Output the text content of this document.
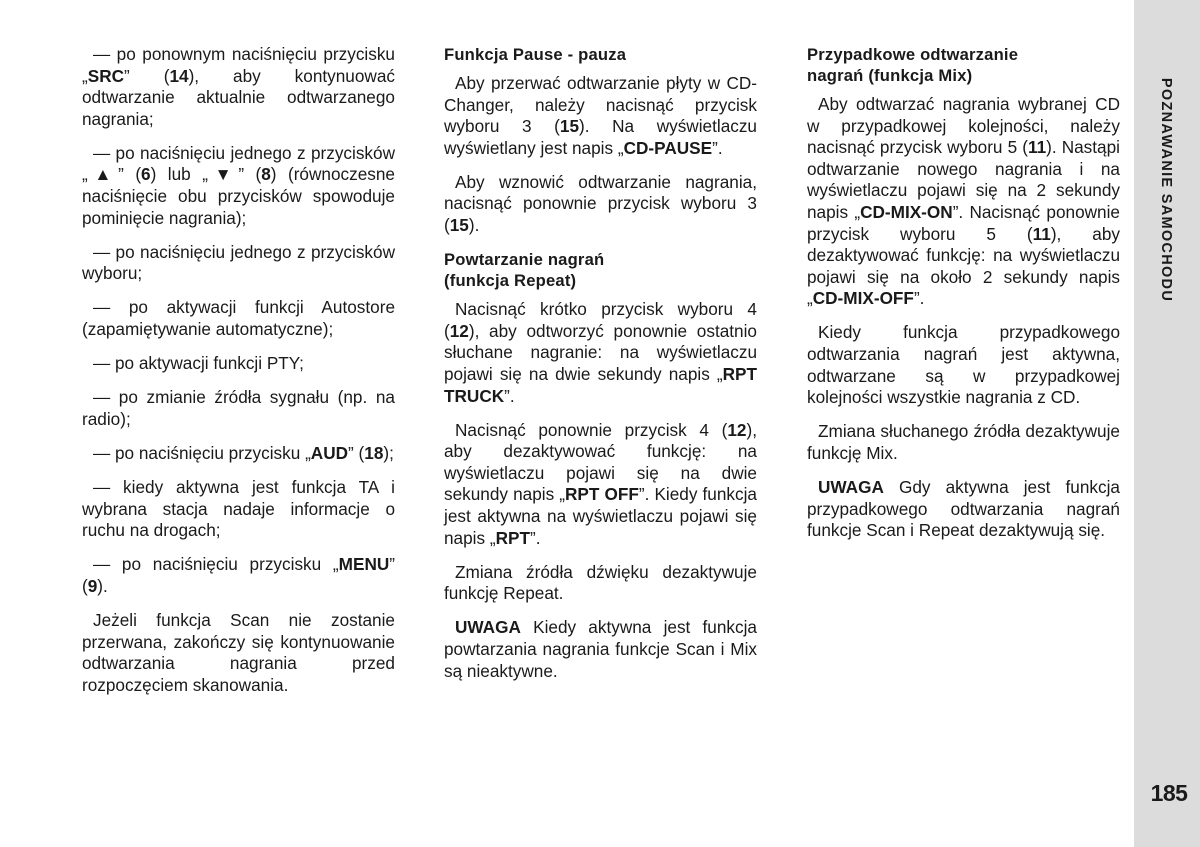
POZNAWANIE SAMOCHODU
185

— po ponownym naciśnięciu przycisku „SRC” (14), aby kontynuować odtwarzanie aktualnie odtwarzanego nagrania;

— po naciśnięciu jednego z przycisków „▲” (6) lub „▼” (8) (równoczesne naciśnięcie obu przycisków spowoduje pominięcie nagrania);

— po naciśnięciu jednego z przycisków wyboru;

— po aktywacji funkcji Autostore (zapamiętywanie automatyczne);

— po aktywacji funkcji PTY;

— po zmianie źródła sygnału (np. na radio);

— po naciśnięciu przycisku „AUD” (18);

— kiedy aktywna jest funkcja TA i wybrana stacja nadaje informacje o ruchu na drogach;

— po naciśnięciu przycisku „MENU” (9).

Jeżeli funkcja Scan nie zostanie przerwana, zakończy się kontynuowanie odtwarzania nagrania przed rozpoczęciem skanowania.

Funkcja Pause - pauza

Aby przerwać odtwarzanie płyty w CD-Changer, należy nacisnąć przycisk wyboru 3 (15). Na wyświetlaczu wyświetlany jest napis „CD-PAUSE”.

Aby wznowić odtwarzanie nagrania, nacisnąć ponownie przycisk wyboru 3 (15).

Powtarzanie nagrań
(funkcja Repeat)

Nacisnąć krótko przycisk wyboru 4 (12), aby odtworzyć ponownie ostatnio słuchane nagranie: na wyświetlaczu pojawi się na dwie sekundy napis „RPT TRUCK”.

Nacisnąć ponownie przycisk 4 (12), aby dezaktywować funkcję: na wyświetlaczu pojawi się na dwie sekundy napis „RPT OFF”. Kiedy funkcja jest aktywna na wyświetlaczu pojawi się napis „RPT”.

Zmiana źródła dźwięku dezaktywuje funkcję Repeat.

UWAGA Kiedy aktywna jest funkcja powtarzania nagrania funkcje Scan i Mix są nieaktywne.

Przypadkowe odtwarzanie
nagrań (funkcja Mix)

Aby odtwarzać nagrania wybranej CD w przypadkowej kolejności, należy nacisnąć przycisk wyboru 5 (11). Nastąpi odtwarzanie nowego nagrania i na wyświetlaczu pojawi się na 2 sekundy napis „CD-MIX-ON”. Nacisnąć ponownie przycisk wyboru 5 (11), aby dezaktywować funkcję: na wyświetlaczu pojawi się na około 2 sekundy napis „CD-MIX-OFF”.

Kiedy funkcja przypadkowego odtwarzania nagrań jest aktywna, odtwarzane są w przypadkowej kolejności wszystkie nagrania z CD.

Zmiana słuchanego źródła dezaktywuje funkcję Mix.

UWAGA Gdy aktywna jest funkcja przypadkowego odtwarzania nagrań funkcje Scan i Repeat dezaktywują się.
